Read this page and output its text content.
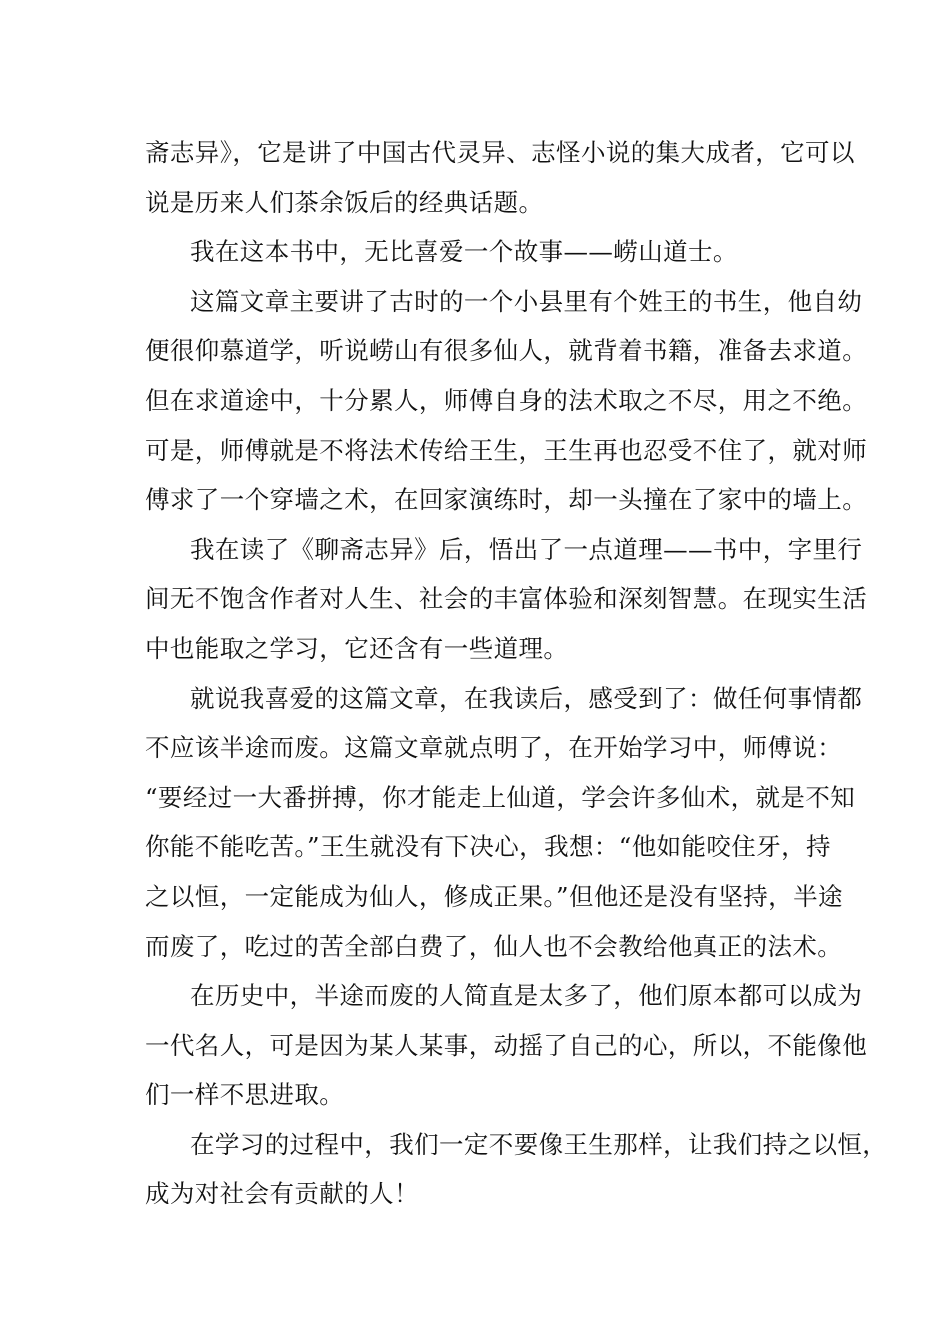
斋志异》，它是讲了中国古代灵异、志怪小说的集大成者，它可以
说是历来人们茶余饭后的经典话题。
我在这本书中，无比喜爱一个故事——崂山道士。
这篇文章主要讲了古时的一个小县里有个姓王的书生，他自幼
便很仰慕道学，听说崂山有很多仙人，就背着书籍，准备去求道。
但在求道途中，十分累人，师傅自身的法术取之不尽，用之不绝。
可是，师傅就是不将法术传给王生，王生再也忍受不住了，就对师
傅求了一个穿墙之术，在回家演练时，却一头撞在了家中的墙上。
我在读了《聊斋志异》后，悟出了一点道理——书中，字里行
间无不饱含作者对人生、社会的丰富体验和深刻智慧。在现实生活
中也能取之学习，它还含有一些道理。
就说我喜爱的这篇文章，在我读后，感受到了：做任何事情都
不应该半途而废。这篇文章就点明了，在开始学习中，师傅说：
“要经过一大番拼搏，你才能走上仙道，学会许多仙术，就是不知
你能不能吃苦。”王生就没有下决心，我想：“他如能咬住牙，持
之以恒，一定能成为仙人，修成正果。”但他还是没有坚持，半途
而废了，吃过的苦全部白费了，仙人也不会教给他真正的法术。
在历史中，半途而废的人简直是太多了，他们原本都可以成为
一代名人，可是因为某人某事，动摇了自己的心，所以，不能像他
们一样不思进取。
在学习的过程中，我们一定不要像王生那样，让我们持之以恒，
成为对社会有贡献的人！
